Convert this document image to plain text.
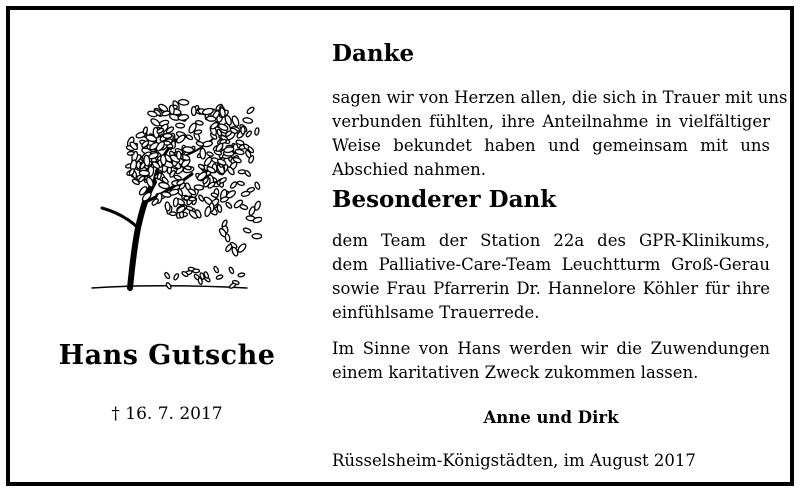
Hans Gutsche
† 16. 7. 2017
Danke
sagen wir von Herzen allen, die sich in Trauer mit uns
verbunden fühlten, ihre Anteilnahme in vielfältiger
Weise bekundet haben und gemeinsam mit uns
Abschied nahmen.
Besonderer Dank
dem Team der Station 22a des GPR-Klinikums,
dem Palliative-Care-Team Leuchtturm Groß-Gerau
sowie Frau Pfarrerin Dr. Hannelore Köhler für ihre
einfühlsame Trauerrede.
Im Sinne von Hans werden wir die Zuwendungen
einem karitativen Zweck zukommen lassen.
Anne und Dirk
Rüsselsheim-Königstädten, im August 2017
